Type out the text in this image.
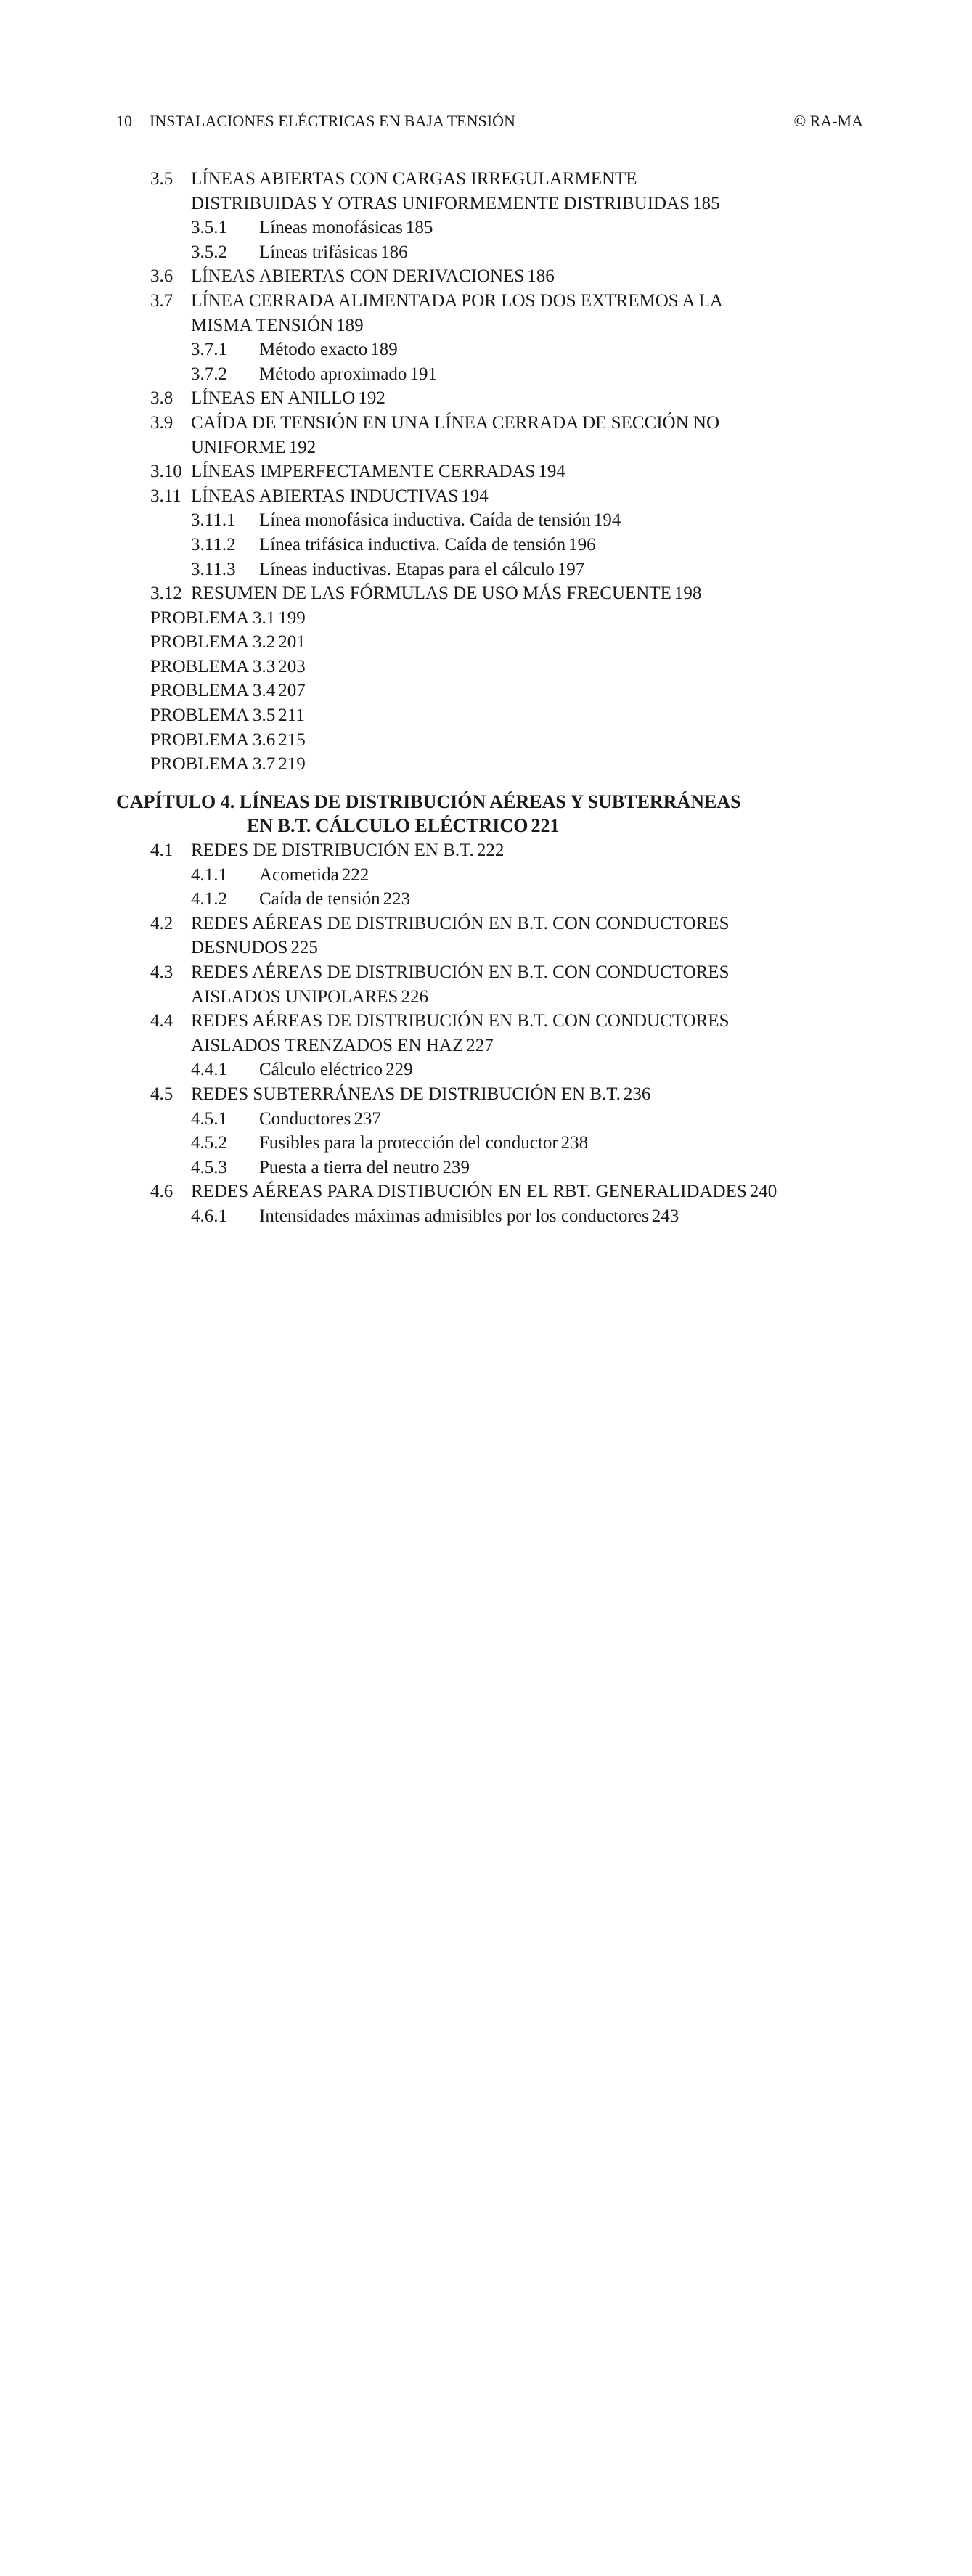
10 INSTALACIONES ELÉCTRICAS EN BAJA TENSIÓN	© RA-MA
3.5 LÍNEAS ABIERTAS CON CARGAS IRREGULARMENTE
DISTRIBUIDAS Y OTRAS UNIFORMEMENTE DISTRIBUIDAS 185
3.5.1 Líneas monofásicas 185
3.5.2 Líneas trifásicas 186
3.6 LÍNEAS ABIERTAS CON DERIVACIONES 186
3.7 LÍNEA CERRADA ALIMENTADA POR LOS DOS EXTREMOS A LA
MISMA TENSIÓN 189
3.7.1 Método exacto 189
3.7.2 Método aproximado 191
3.8 LÍNEAS EN ANILLO 192
3.9 CAÍDA DE TENSIÓN EN UNA LÍNEA CERRADA DE SECCIÓN NO
UNIFORME 192
3.10 LÍNEAS IMPERFECTAMENTE CERRADAS 194
3.11 LÍNEAS ABIERTAS INDUCTIVAS 194
3.11.1 Línea monofásica inductiva. Caída de tensión 194
3.11.2 Línea trifásica inductiva. Caída de tensión 196
3.11.3 Líneas inductivas. Etapas para el cálculo 197
3.12 RESUMEN DE LAS FÓRMULAS DE USO MÁS FRECUENTE 198
PROBLEMA 3.1 199
PROBLEMA 3.2 201
PROBLEMA 3.3 203
PROBLEMA 3.4 207
PROBLEMA 3.5 211
PROBLEMA 3.6 215
PROBLEMA 3.7 219
CAPÍTULO 4. LÍNEAS DE DISTRIBUCIÓN AÉREAS Y SUBTERRÁNEAS
EN B.T. CÁLCULO ELÉCTRICO 221
4.1 REDES DE DISTRIBUCIÓN EN B.T. 222
4.1.1 Acometida 222
4.1.2 Caída de tensión 223
4.2 REDES AÉREAS DE DISTRIBUCIÓN EN B.T. CON CONDUCTORES
DESNUDOS 225
4.3 REDES AÉREAS DE DISTRIBUCIÓN EN B.T. CON CONDUCTORES
AISLADOS UNIPOLARES 226
4.4 REDES AÉREAS DE DISTRIBUCIÓN EN B.T. CON CONDUCTORES
AISLADOS TRENZADOS EN HAZ 227
4.4.1 Cálculo eléctrico 229
4.5 REDES SUBTERRÁNEAS DE DISTRIBUCIÓN EN B.T. 236
4.5.1 Conductores 237
4.5.2 Fusibles para la protección del conductor 238
4.5.3 Puesta a tierra del neutro 239
4.6 REDES AÉREAS PARA DISTIBUCIÓN EN EL RBT. GENERALIDADES 240
4.6.1 Intensidades máximas admisibles por los conductores 243
